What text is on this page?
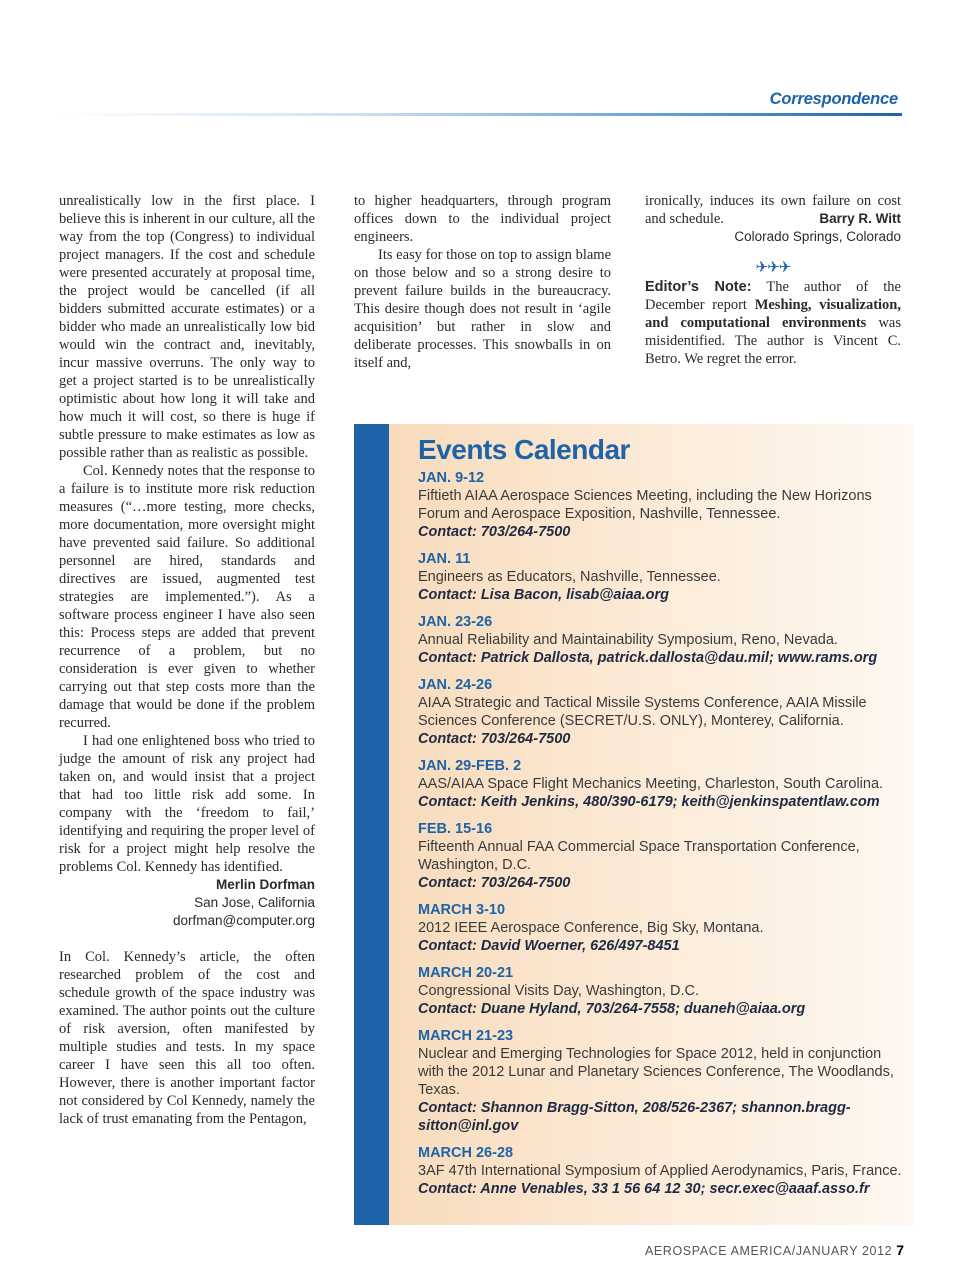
Correspondence

unrealistically low in the first place. I believe this is inherent in our culture, all the way from the top (Congress) to individual project managers. If the cost and schedule were presented accurately at proposal time, the project would be cancelled (if all bidders submitted accurate estimates) or a bidder who made an unrealistically low bid would win the contract and, inevitably, incur massive overruns. The only way to get a project started is to be unrealistically optimistic about how long it will take and how much it will cost, so there is huge if subtle pressure to make estimates as low as possible rather than as realistic as possible.

Col. Kennedy notes that the response to a failure is to institute more risk reduction measures (“…more testing, more checks, more documentation, more oversight might have prevented said failure. So additional personnel are hired, standards and directives are issued, augmented test strategies are implemented.”). As a software process engineer I have also seen this: Process steps are added that prevent recurrence of a problem, but no consideration is ever given to whether carrying out that step costs more than the damage that would be done if the problem recurred.

I had one enlightened boss who tried to judge the amount of risk any project had taken on, and would insist that a project that had too little risk add some. In company with the ‘freedom to fail,’ identifying and requiring the proper level of risk for a project might help resolve the problems Col. Kennedy has identified.

Merlin Dorfman
San Jose, California
dorfman@computer.org

In Col. Kennedy’s article, the often researched problem of the cost and schedule growth of the space industry was examined. The author points out the culture of risk aversion, often manifested by multiple studies and tests. In my space career I have seen this all too often. However, there is another important factor not considered by Col Kennedy, namely the lack of trust emanating from the Pentagon,

to higher headquarters, through program offices down to the individual project engineers.

Its easy for those on top to assign blame on those below and so a strong desire to prevent failure builds in the bureaucracy. This desire though does not result in ‘agile acquisition’ but rather in slow and deliberate processes. This snowballs in on itself and,

ironically, induces its own failure on cost and schedule.	Barry R. Witt

Colorado Springs, Colorado
✈✈✈

Editor’s Note: The author of the December report Meshing, visualization, and computational environments was misidentified. The author is Vincent C. Betro. We regret the error.

Events Calendar
JAN. 9-12
Fiftieth AIAA Aerospace Sciences Meeting, including the New Horizons Forum and Aerospace Exposition, Nashville, Tennessee.
Contact: 703/264-7500
JAN. 11
Engineers as Educators, Nashville, Tennessee.
Contact: Lisa Bacon, lisab@aiaa.org
JAN. 23-26
Annual Reliability and Maintainability Symposium, Reno, Nevada.
Contact: Patrick Dallosta, patrick.dallosta@dau.mil; www.rams.org
JAN. 24-26
AIAA Strategic and Tactical Missile Systems Conference, AAIA Missile Sciences Conference (SECRET/U.S. ONLY), Monterey, California.
Contact: 703/264-7500
JAN. 29-FEB. 2
AAS/AIAA Space Flight Mechanics Meeting, Charleston, South Carolina.
Contact: Keith Jenkins, 480/390-6179; keith@jenkinspatentlaw.com
FEB. 15-16
Fifteenth Annual FAA Commercial Space Transportation Conference, Washington, D.C.
Contact: 703/264-7500
MARCH 3-10
2012 IEEE Aerospace Conference, Big Sky, Montana.
Contact: David Woerner, 626/497-8451
MARCH 20-21
Congressional Visits Day, Washington, D.C.
Contact: Duane Hyland, 703/264-7558; duaneh@aiaa.org
MARCH 21-23
Nuclear and Emerging Technologies for Space 2012, held in conjunction with the 2012 Lunar and Planetary Sciences Conference, The Woodlands, Texas.
Contact: Shannon Bragg-Sitton, 208/526-2367; shannon.bragg-sitton@inl.gov
MARCH 26-28
3AF 47th International Symposium of Applied Aerodynamics, Paris, France.
Contact: Anne Venables, 33 1 56 64 12 30; secr.exec@aaaf.asso.fr
AEROSPACE AMERICA/JANUARY 2012 7
